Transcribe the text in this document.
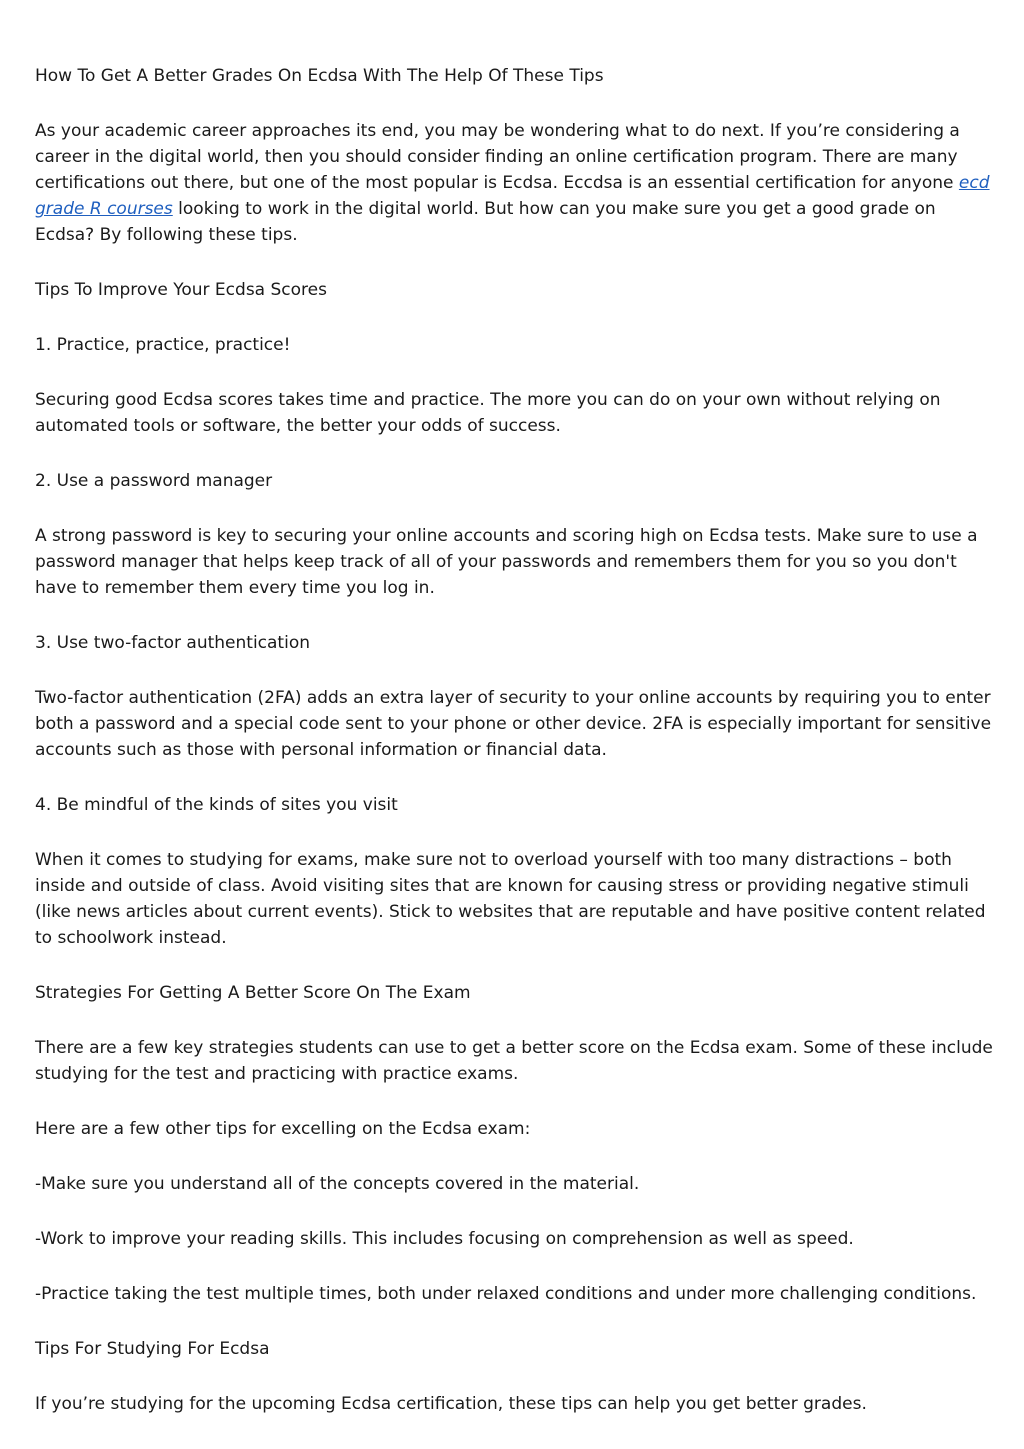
How To Get A Better Grades On Ecdsa With The Help Of These Tips

As your academic career approaches its end, you may be wondering what to do next. If you’re considering a career in the digital world, then you should consider finding an online certification program. There are many certifications out there, but one of the most popular is Ecdsa. Eccdsa is an essential certification for anyone ecd grade R courses looking to work in the digital world. But how can you make sure you get a good grade on Ecdsa? By following these tips.

Tips To Improve Your Ecdsa Scores

1. Practice, practice, practice!

Securing good Ecdsa scores takes time and practice. The more you can do on your own without relying on automated tools or software, the better your odds of success.

2. Use a password manager

A strong password is key to securing your online accounts and scoring high on Ecdsa tests. Make sure to use a password manager that helps keep track of all of your passwords and remembers them for you so you don't have to remember them every time you log in.

3. Use two-factor authentication

Two-factor authentication (2FA) adds an extra layer of security to your online accounts by requiring you to enter both a password and a special code sent to your phone or other device. 2FA is especially important for sensitive accounts such as those with personal information or financial data.

4. Be mindful of the kinds of sites you visit

When it comes to studying for exams, make sure not to overload yourself with too many distractions – both inside and outside of class. Avoid visiting sites that are known for causing stress or providing negative stimuli (like news articles about current events). Stick to websites that are reputable and have positive content related to schoolwork instead.

Strategies For Getting A Better Score On The Exam

There are a few key strategies students can use to get a better score on the Ecdsa exam. Some of these include studying for the test and practicing with practice exams.

Here are a few other tips for excelling on the Ecdsa exam:

-Make sure you understand all of the concepts covered in the material.

-Work to improve your reading skills. This includes focusing on comprehension as well as speed.

-Practice taking the test multiple times, both under relaxed conditions and under more challenging conditions.

Tips For Studying For Ecdsa

If you’re studying for the upcoming Ecdsa certification, these tips can help you get better grades.
